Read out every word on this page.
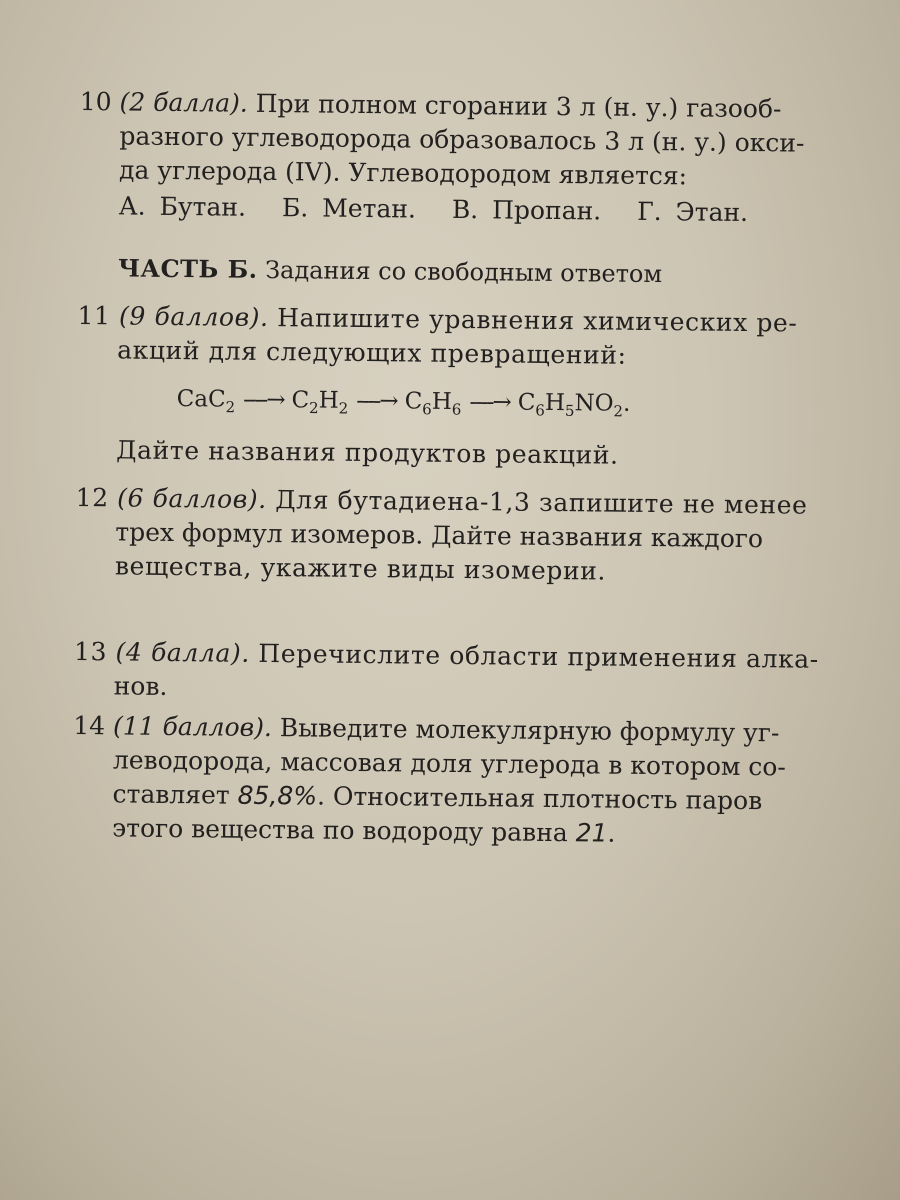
10 (2 балла). При полном сгорании 3 л (н. у.) газооб-
разного углеводорода образовалось 3 л (н. у.) окси-
да углерода (IV). Углеводородом является:
А. Бутан. Б. Метан. В. Пропан. Г. Этан.
ЧАСТЬ Б. Задания со свободным ответом
11 (9 баллов). Напишите уравнения химических ре-
акций для следующих превращений:
CaC$_2$ ----→ $C_2H_2$ ----→ $C_6H_6$ ----→ $C_6H_5NO_2$.
Дайте названия продуктов реакций.
12 (6 баллов). Для бутадиена-1,3 запишите не менее
трех формул изомеров. Дайте названия каждого
вещества, укажите виды изомерии.
13 (4 балла). Перечислите области применения алка-
нов.
14 (11 баллов). Выведите молекулярную формулу уг-
леводорода, массовая доля углерода в котором со-
ставляет 85,8%. Относительная плотность паров
этого вещества по водороду равна 21.
